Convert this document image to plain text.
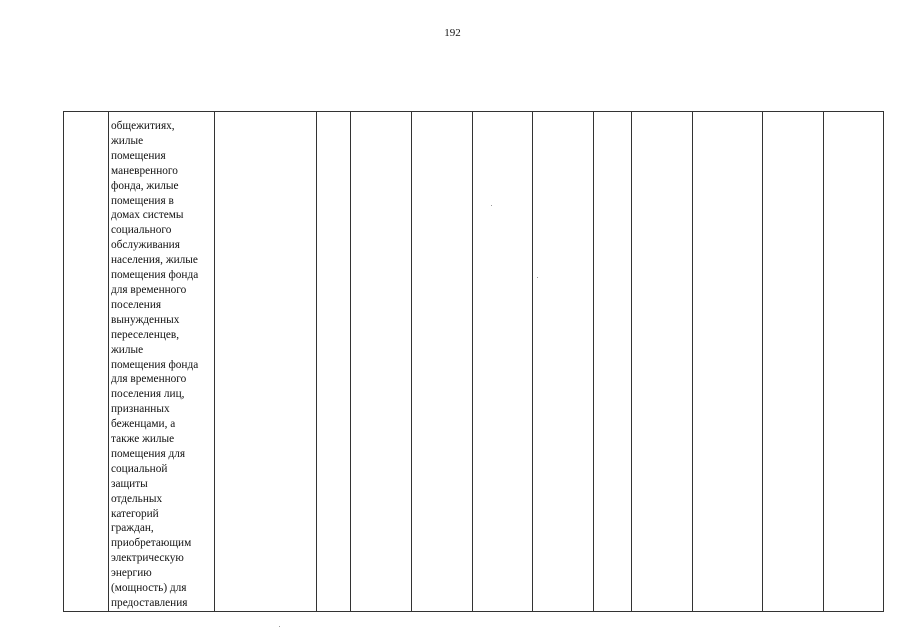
192
общежитиях,
жилые
помещения
маневренного
фонда, жилые
помещения в
домах системы
социального
обслуживания
населения, жилые
помещения фонда
для временного
поселения
вынужденных
переселенцев,
жилые
помещения фонда
для временного
поселения лиц,
признанных
беженцами, а
также жилые
помещения для
социальной
защиты
отдельных
категорий
граждан,
приобретающим
электрическую
энергию
(мощность) для
предоставления
